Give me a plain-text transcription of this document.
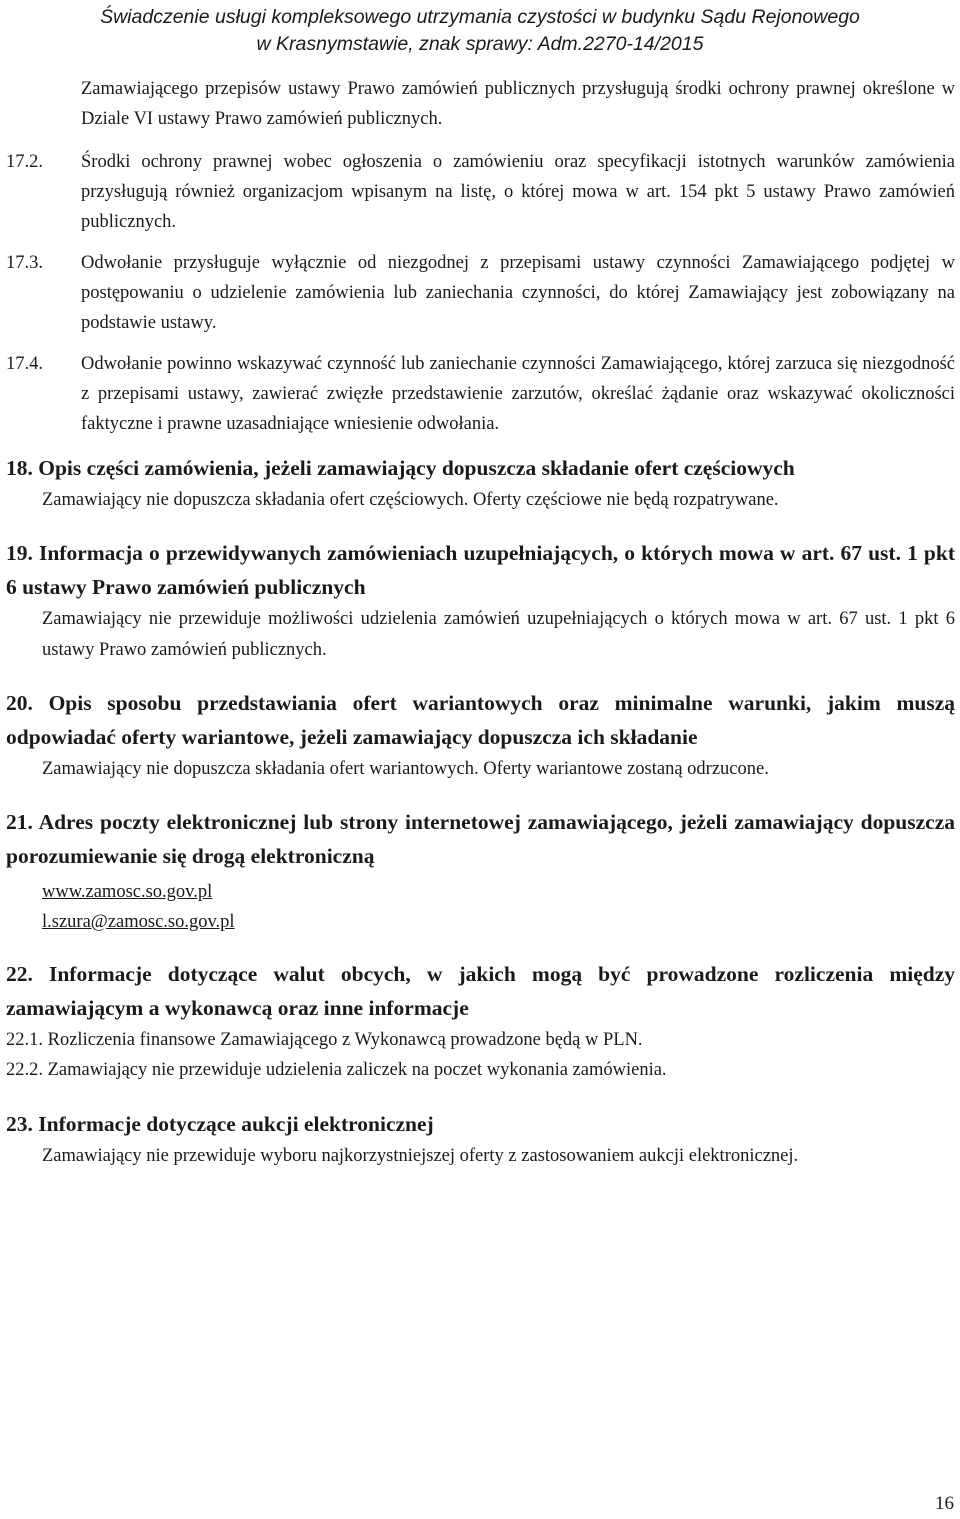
Świadczenie usługi kompleksowego utrzymania czystości w budynku Sądu Rejonowego
w Krasnymstawie, znak sprawy: Adm.2270-14/2015
Zamawiającego przepisów ustawy Prawo zamówień publicznych przysługują środki ochrony prawnej określone w Dziale VI ustawy Prawo zamówień publicznych.
17.2.	Środki ochrony prawnej wobec ogłoszenia o zamówieniu oraz specyfikacji istotnych warunków zamówienia przysługują również organizacjom wpisanym na listę, o której mowa w art. 154 pkt 5 ustawy Prawo zamówień publicznych.
17.3.	Odwołanie przysługuje wyłącznie od niezgodnej z przepisami ustawy czynności Zamawiającego podjętej w postępowaniu o udzielenie zamówienia lub zaniechania czynności, do której Zamawiający jest zobowiązany na podstawie ustawy.
17.4.	Odwołanie powinno wskazywać czynność lub zaniechanie czynności Zamawiającego, której zarzuca się niezgodność z przepisami ustawy, zawierać zwięzłe przedstawienie zarzutów, określać żądanie oraz wskazywać okoliczności faktyczne i prawne uzasadniające wniesienie odwołania.
18. Opis części zamówienia, jeżeli zamawiający dopuszcza składanie ofert częściowych
Zamawiający nie dopuszcza składania ofert częściowych. Oferty częściowe nie będą rozpatrywane.
19. Informacja o przewidywanych zamówieniach uzupełniających, o których mowa w art. 67 ust. 1 pkt 6 ustawy Prawo zamówień publicznych
Zamawiający nie przewiduje możliwości udzielenia zamówień uzupełniających o których mowa w art. 67 ust. 1 pkt 6 ustawy Prawo zamówień publicznych.
20. Opis sposobu przedstawiania ofert wariantowych oraz minimalne warunki, jakim muszą odpowiadać oferty wariantowe, jeżeli zamawiający dopuszcza ich składanie
Zamawiający nie dopuszcza składania ofert wariantowych. Oferty wariantowe zostaną odrzucone.
21. Adres poczty elektronicznej lub strony internetowej zamawiającego, jeżeli zamawiający dopuszcza porozumiewanie się drogą elektroniczną
www.zamosc.so.gov.pl
l.szura@zamosc.so.gov.pl
22. Informacje dotyczące walut obcych, w jakich mogą być prowadzone rozliczenia między zamawiającym a wykonawcą oraz inne informacje
22.1. Rozliczenia finansowe Zamawiającego z Wykonawcą prowadzone będą w PLN.
22.2. Zamawiający nie przewiduje udzielenia zaliczek na poczet wykonania zamówienia.
23. Informacje dotyczące aukcji elektronicznej
Zamawiający nie przewiduje wyboru najkorzystniejszej oferty z zastosowaniem aukcji elektronicznej.
16
